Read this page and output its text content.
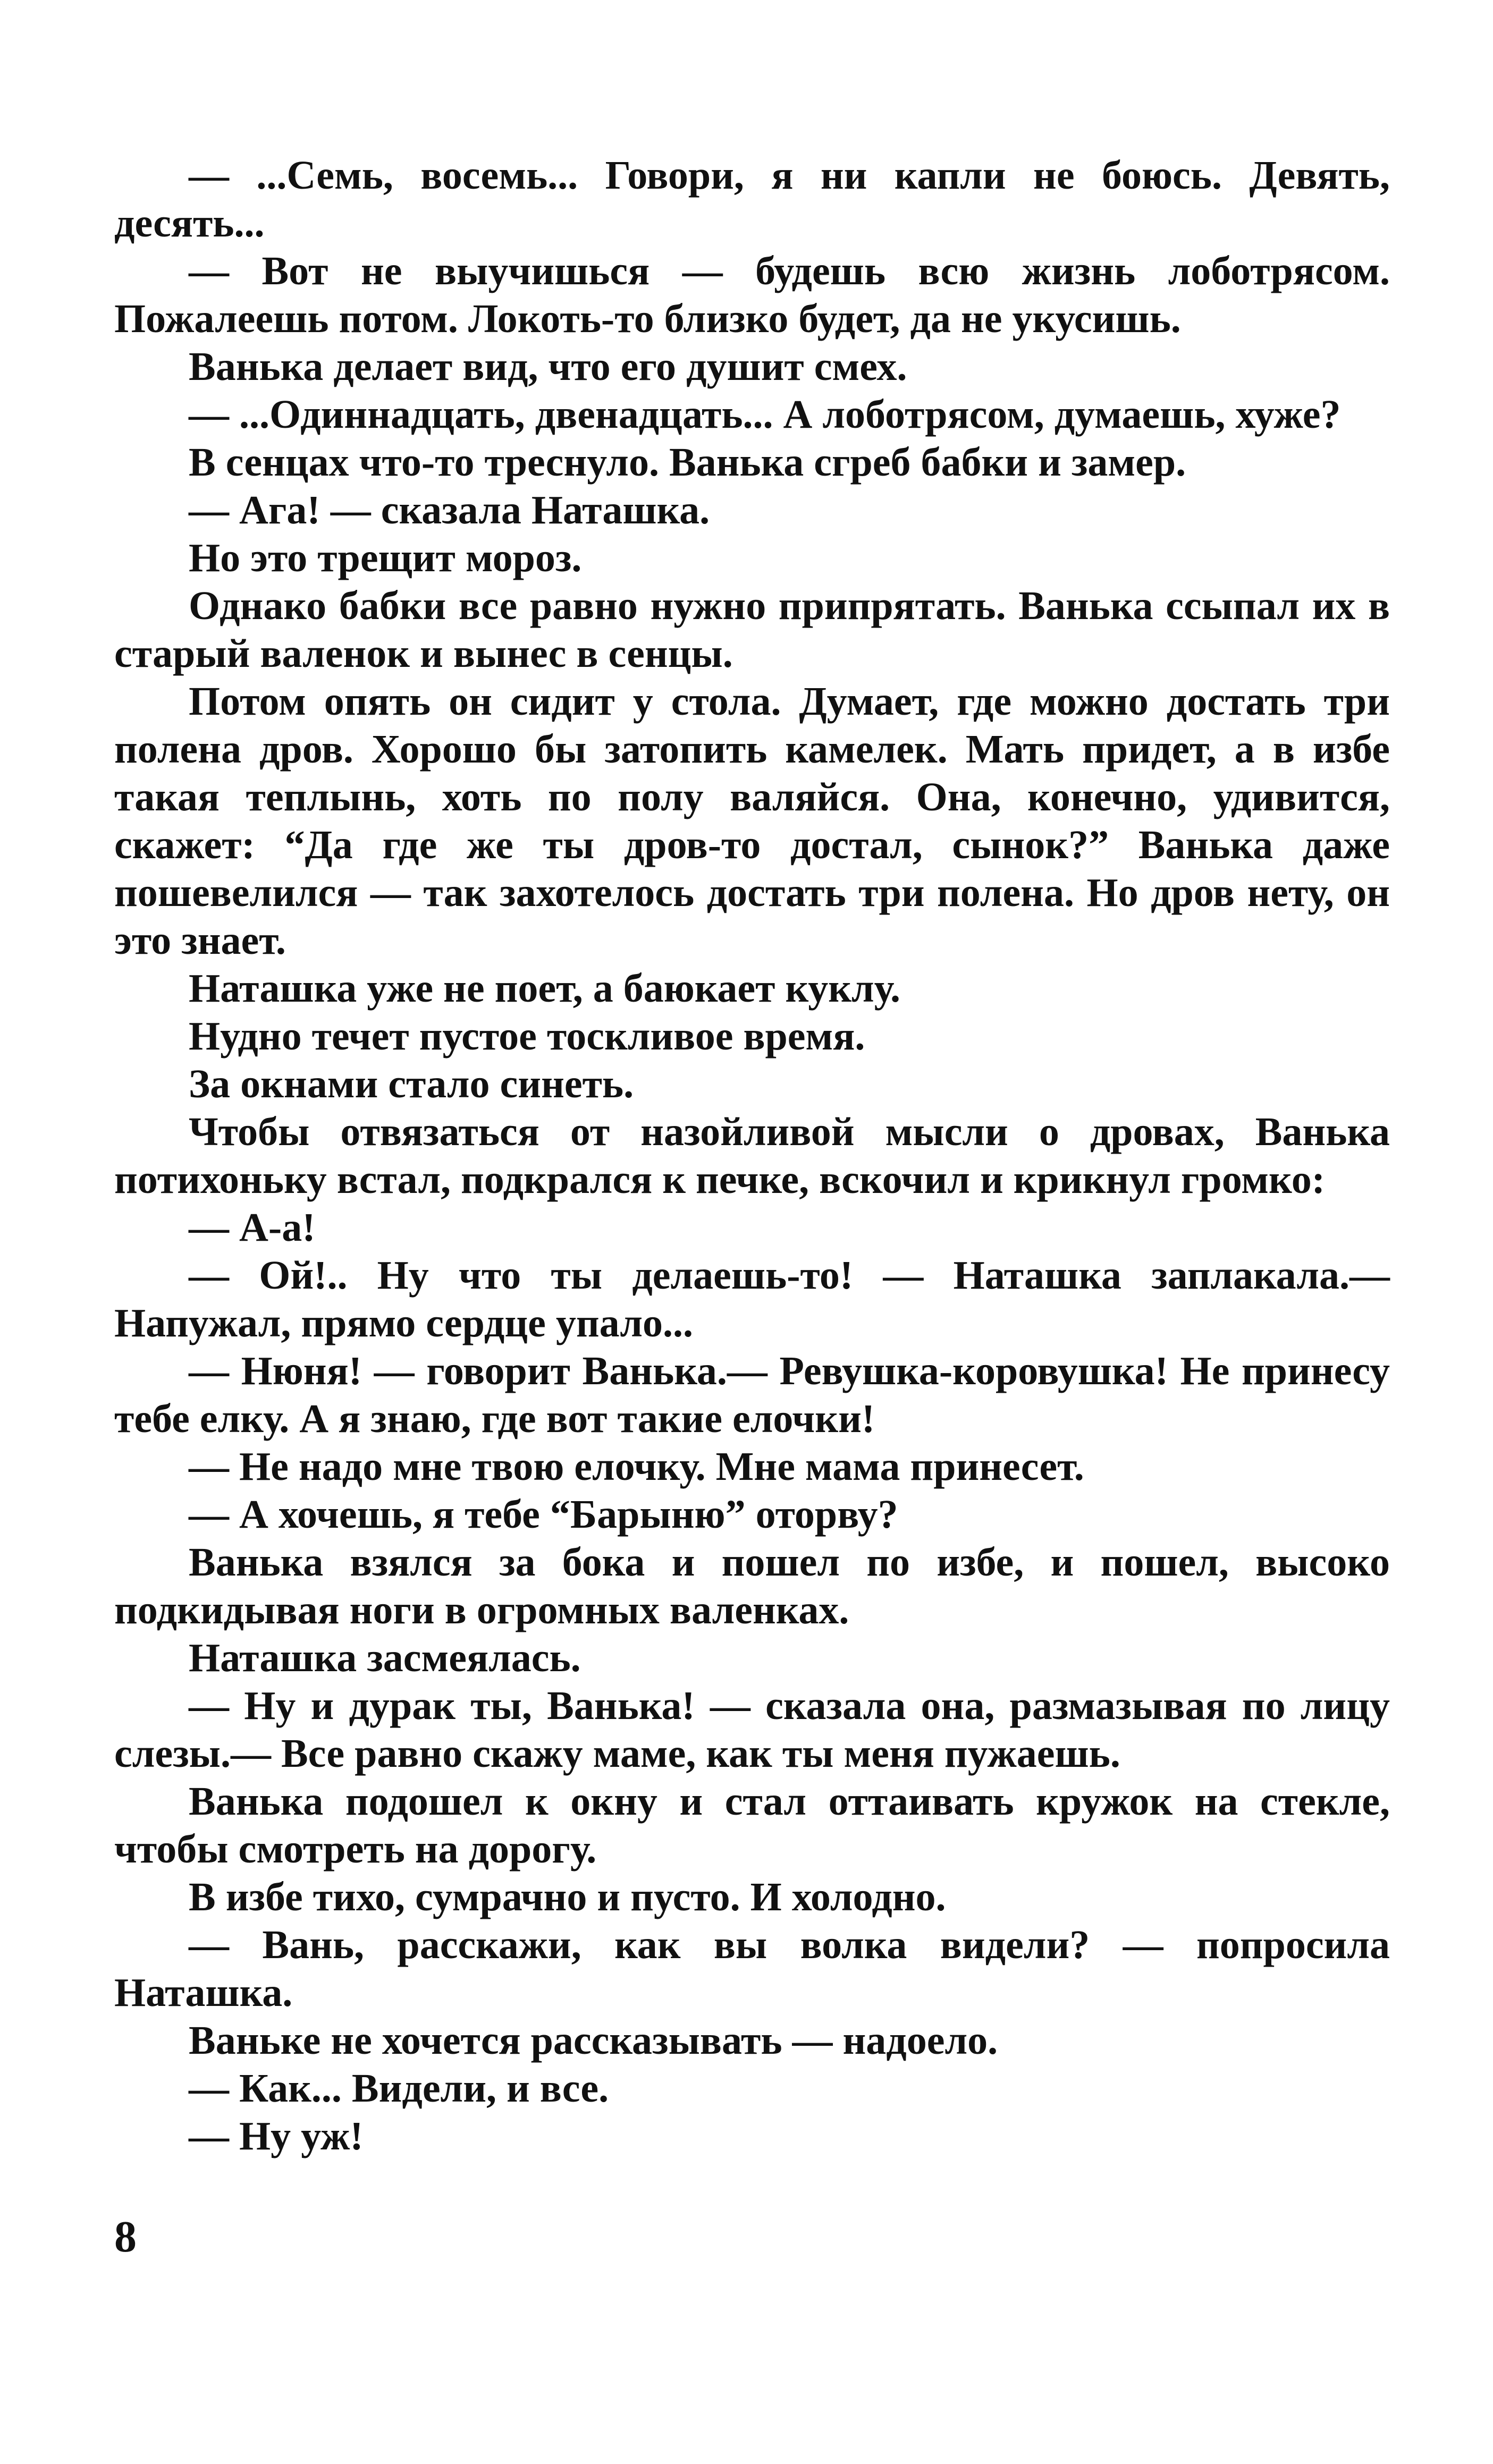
— ...Семь, восемь... Говори, я ни капли не боюсь. Девять, десять...

— Вот не выучишься — будешь всю жизнь лоботрясом. Пожалеешь потом. Локоть-то близко будет, да не укусишь.

Ванька делает вид, что его душит смех.

— ...Одиннадцать, двенадцать... А лоботрясом, думаешь, хуже?

В сенцах что-то треснуло. Ванька сгреб бабки и замер.

— Ага! — сказала Наташка.

Но это трещит мороз.

Однако бабки все равно нужно припрятать. Ванька ссыпал их в старый валенок и вынес в сенцы.

Потом опять он сидит у стола. Думает, где можно достать три полена дров. Хорошо бы затопить камелек. Мать придет, а в избе такая теплынь, хоть по полу валяйся. Она, конечно, удивится, скажет: “Да где же ты дров-то достал, сынок?” Ванька даже пошевелился — так захотелось достать три полена. Но дров нету, он это знает.

Наташка уже не поет, а баюкает куклу.

Нудно течет пустое тоскливое время.

За окнами стало синеть.

Чтобы отвязаться от назойливой мысли о дровах, Ванька потихоньку встал, подкрался к печке, вскочил и крикнул громко:

— А-а!

— Ой!.. Ну что ты делаешь-то! — Наташка заплакала.— Напужал, прямо сердце упало...

— Нюня! — говорит Ванька.— Ревушка-коровушка! Не принесу тебе елку. А я знаю, где вот такие елочки!

— Не надо мне твою елочку. Мне мама принесет.

— А хочешь, я тебе “Барыню” оторву?

Ванька взялся за бока и пошел по избе, и пошел, высоко подкидывая ноги в огромных валенках.

Наташка засмеялась.

— Ну и дурак ты, Ванька! — сказала она, размазывая по лицу слезы.— Все равно скажу маме, как ты меня пужаешь.

Ванька подошел к окну и стал оттаивать кружок на стекле, чтобы смотреть на дорогу.

В избе тихо, сумрачно и пусто. И холодно.

— Вань, расскажи, как вы волка видели? — попросила Наташка.

Ваньке не хочется рассказывать — надоело.

— Как... Видели, и все.

— Ну уж!

8
